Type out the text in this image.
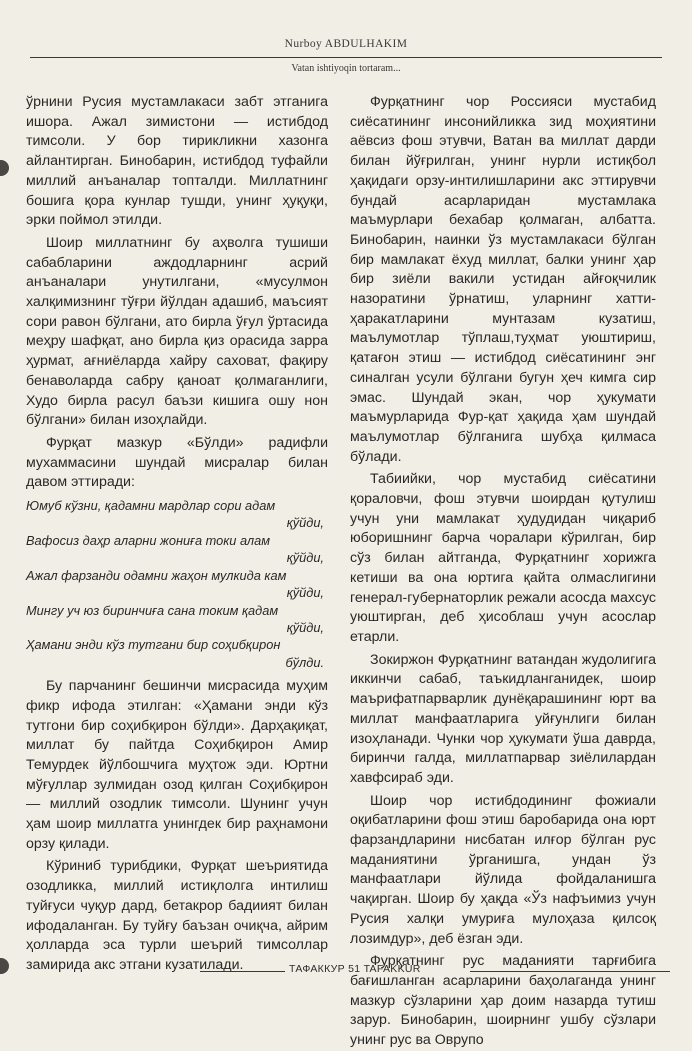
Nurboy ABDULHAKIM
Vatan ishtiyoqin tortaram...

ўрнини Русия мустамлакаси забт этганига ишора. Ажал зимистони — истибдод тимсоли. У бор тирикликни хазонга айлантирган. Бинобарин, истибдод туфайли миллий анъаналар топталди. Миллатнинг бошига қора кунлар тушди, унинг ҳуқуқи, эрки поймол этилди.

Шоир миллатнинг бу аҳволга тушиши сабабларини аждодларнинг асрий анъаналари унутилгани, «мусулмон халқимизнинг тўғри йўлдан адашиб, маъсият сори равон бўлгани, ато бирла ўғул ўртасида меҳру шафқат, ано бирла қиз орасида зарра ҳурмат, ағниёларда хайру саховат, фақиру бенаволарда сабру қаноат қолмаганлиги, Худо бирла расул баъзи кишига ошу нон бўлгани» билан изоҳлайди.

Фурқат мазкур «Бўлди» радифли мухаммасини шундай мисралар билан давом эттиради:

Юмуб кўзни, қадамни мардлар сори адам
қўйди,
Вафосиз даҳр аларни жониға токи алам
қўйди,
Ажал фарзанди одамни жаҳон мулкида кам
қўйди,
Мингу уч юз биринчиға сана токим қадам
қўйди,
Ҳамани энди кўз тутгани бир соҳибқирон
бўлди.

Бу парчанинг бешинчи мисрасида муҳим фикр ифода этилган: «Ҳамани энди кўз тутгони бир соҳибқирон бўлди». Дарҳақиқат, миллат бу пайтда Соҳибқирон Амир Темурдек йўлбошчига муҳтож эди. Юртни мўғуллар зулмидан озод қилган Соҳибқирон — миллий озодлик тимсоли. Шунинг учун ҳам шоир миллатга унингдек бир раҳнамони орзу қилади.

Кўриниб турибдики, Фурқат шеъриятида озодликка, миллий истиқлолга интилиш туйғуси чуқур дард, бетакрор бадиият билан ифодаланган. Бу туйғу баъзан очиқча, айрим ҳолларда эса турли шеърий тимсоллар замирида акс этгани кузатилади.

Фурқатнинг чор Россияси мустабид сиёсатининг инсонийликка зид моҳиятини аёвсиз фош этувчи, Ватан ва миллат дарди билан йўғрилган, унинг нурли истиқбол ҳақидаги орзу-интилишларини акс эттирувчи бундай асарларидан мустамлака маъмурлари бехабар қолмаган, албатта. Бинобарин, наинки ўз мустамлакаси бўлган бир мамлакат ёхуд миллат, балки унинг ҳар бир зиёли вакили устидан айғоқчилик назоратини ўрнатиш, уларнинг хатти-ҳаракатларини мунтазам кузатиш, маълумотлар тўплаш,туҳмат уюштириш, қатағон этиш — истибдод сиёсатининг энг синалган усули бўлгани бугун ҳеч кимга сир эмас. Шундай экан, чор ҳукумати маъмурларида Фур-қат ҳақида ҳам шундай маълумотлар бўлганига шубҳа қилмаса бўлади.

Табиийки, чор мустабид сиёсатини қораловчи, фош этувчи шоирдан қутулиш учун уни мамлакат ҳудудидан чиқариб юборишнинг барча чоралари кўрилган, бир сўз билан айтганда, Фурқатнинг хорижга кетиши ва она юртига қайта олмаслигини генерал-губернаторлик режали асосда махсус уюштирган, деб ҳисоблаш учун асослар етарли.

Зокиржон Фурқатнинг ватандан жудолигига иккинчи сабаб, таъкидланганидек, шоир маърифатпарварлик дунёқарашининг юрт ва миллат манфаатларига уйғунлиги билан изоҳланади. Чунки чор ҳукумати ўша даврда, биринчи галда, миллатпарвар зиёлилардан хавфсираб эди.

Шоир чор истибдодининг фожиали оқибатларини фош этиш баробарида она юрт фарзандларини нисбатан илғор бўлган рус маданиятини ўрганишга, ундан ўз манфаатлари йўлида фойдаланишга чақирган. Шоир бу ҳақда «Ўз нафъимиз учун Русия халқи умуриға мулоҳаза қилсоқ лозимдур», деб ёзган эди.

Фурқатнинг рус маданияти тарғибига бағишланган асарларини баҳолаганда унинг мазкур сўзларини ҳар доим назарда тутиш зарур. Бинобарин, шоирнинг ушбу сўзлари унинг рус ва Оврупо

ТАФАККУР 51 TAFAKKUR
